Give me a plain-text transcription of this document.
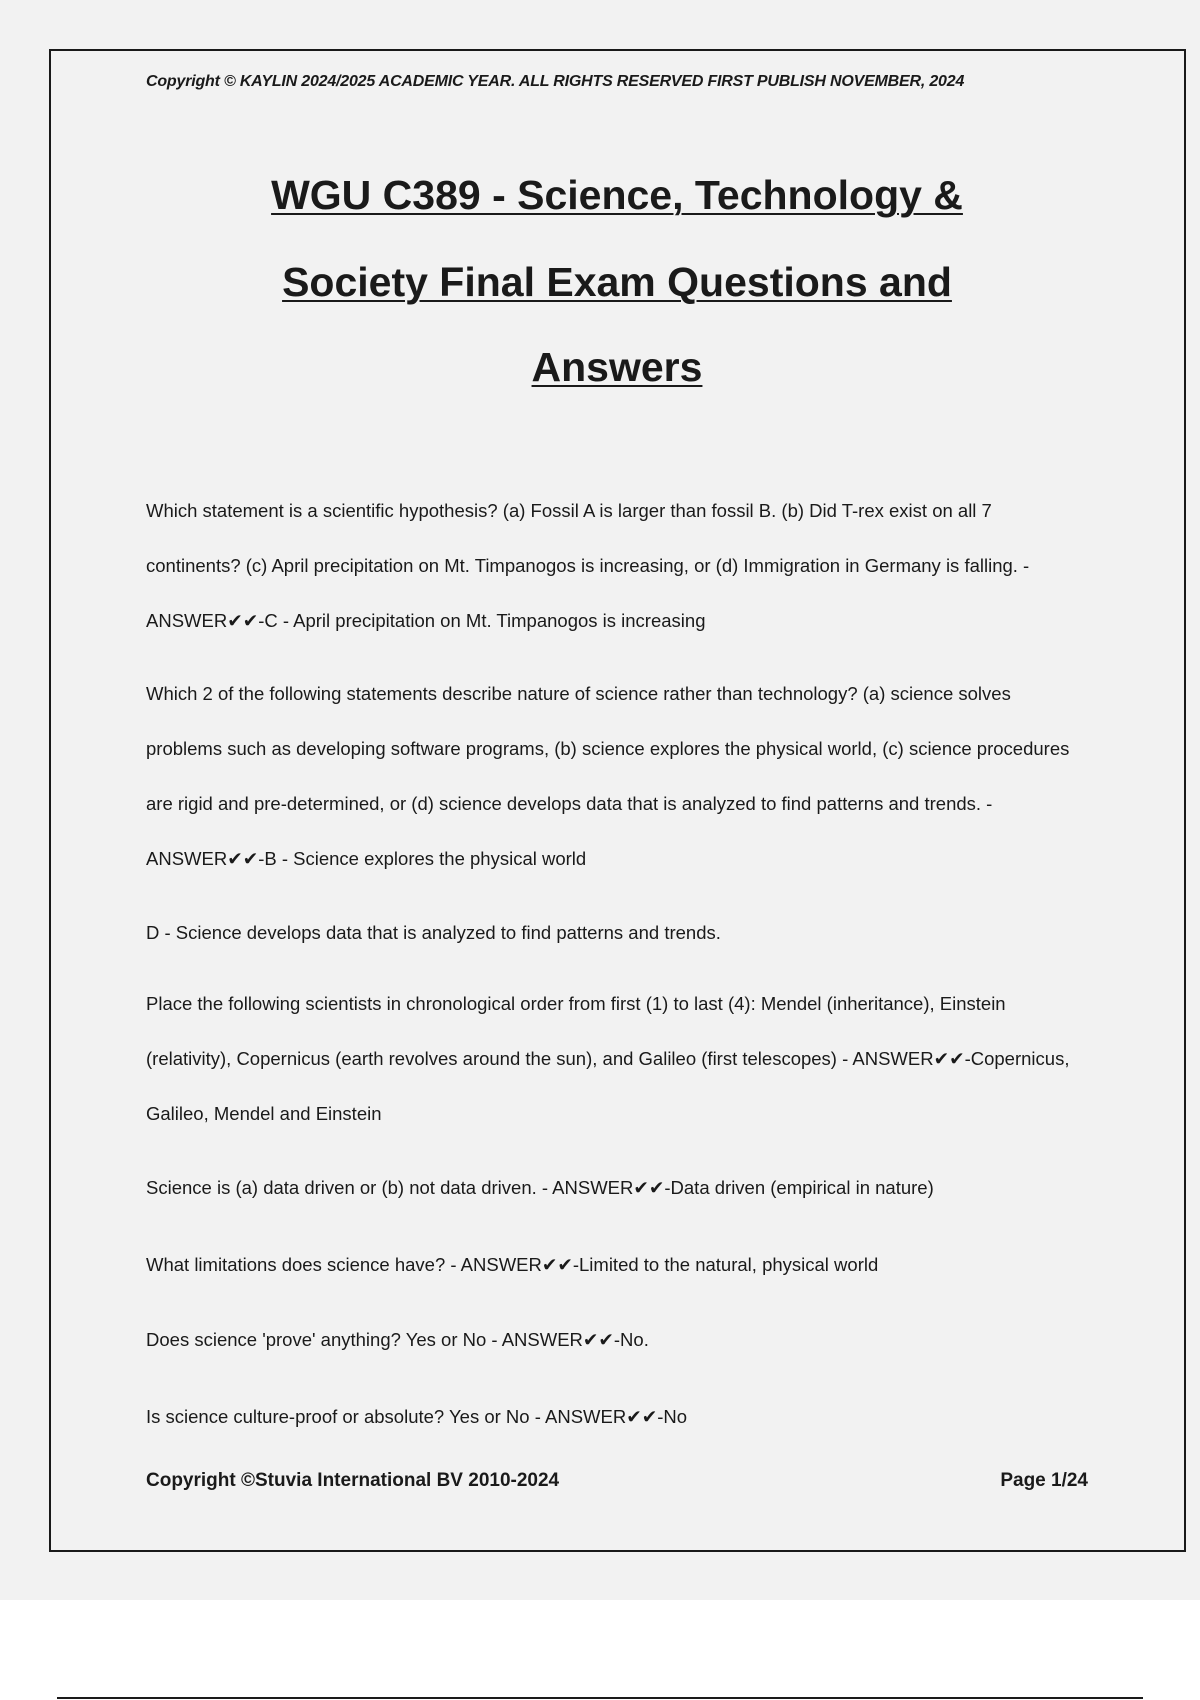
Copyright © KAYLIN 2024/2025 ACADEMIC YEAR. ALL RIGHTS RESERVED FIRST PUBLISH NOVEMBER, 2024
WGU C389 - Science, Technology &
Society Final Exam Questions and
Answers

Which statement is a scientific hypothesis? (a) Fossil A is larger than fossil B. (b) Did T-rex exist on all 7 continents? (c) April precipitation on Mt. Timpanogos is increasing, or (d) Immigration in Germany is falling. - ANSWER✔✔-C - April precipitation on Mt. Timpanogos is increasing

Which 2 of the following statements describe nature of science rather than technology? (a) science solves problems such as developing software programs, (b) science explores the physical world, (c) science procedures are rigid and pre-determined, or (d) science develops data that is analyzed to find patterns and trends. - ANSWER✔✔-B - Science explores the physical world

D - Science develops data that is analyzed to find patterns and trends.

Place the following scientists in chronological order from first (1) to last (4): Mendel (inheritance), Einstein (relativity), Copernicus (earth revolves around the sun), and Galileo (first telescopes) - ANSWER✔✔-Copernicus, Galileo, Mendel and Einstein

Science is (a) data driven or (b) not data driven. - ANSWER✔✔-Data driven (empirical in nature)

What limitations does science have? - ANSWER✔✔-Limited to the natural, physical world

Does science 'prove' anything? Yes or No - ANSWER✔✔-No.

Is science culture-proof or absolute? Yes or No - ANSWER✔✔-No

Copyright ©Stuvia International BV 2010-2024	Page 1/24
